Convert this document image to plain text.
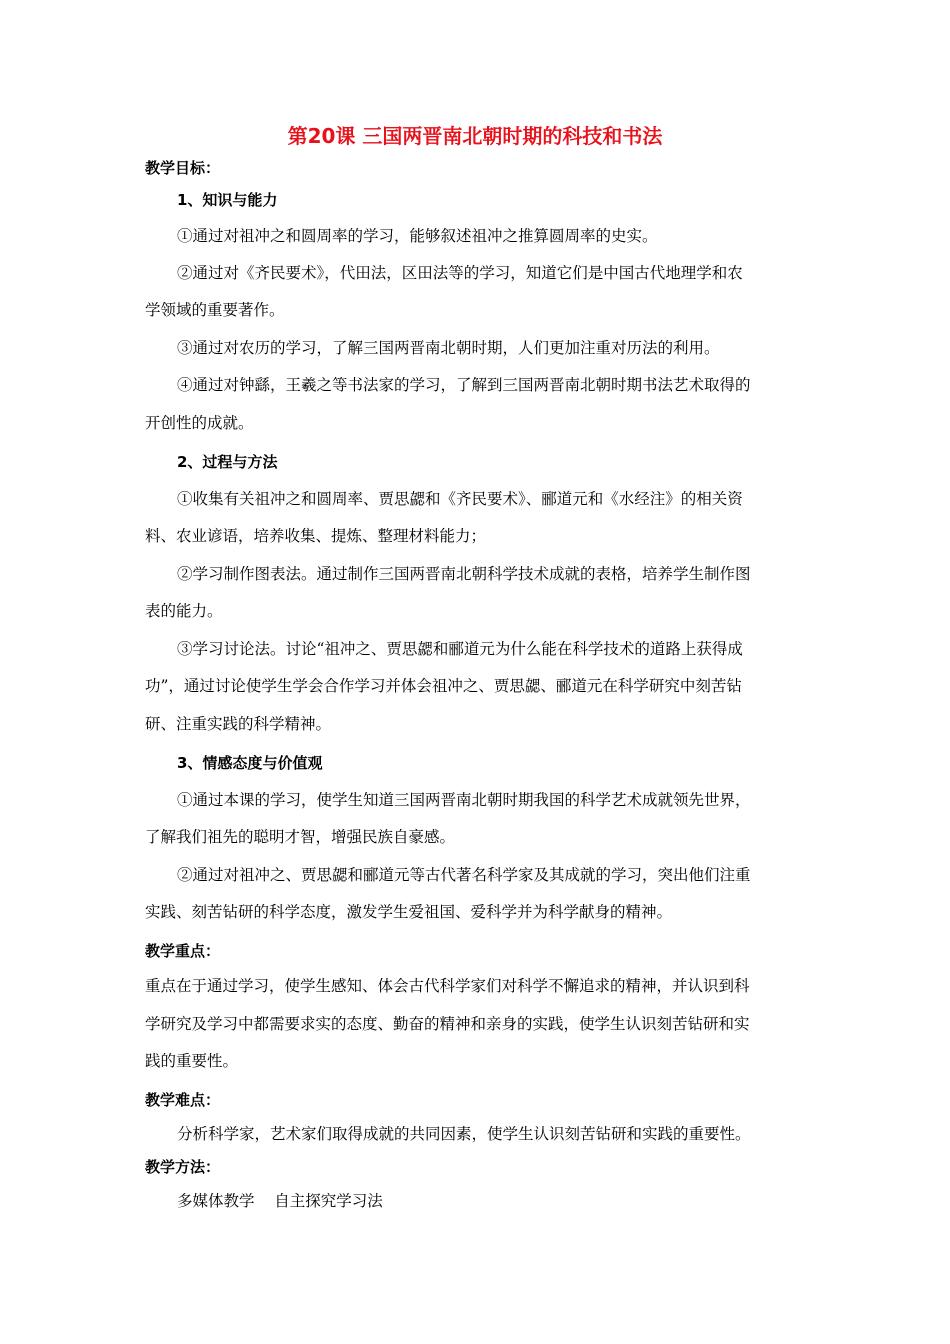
第20课 三国两晋南北朝时期的科技和书法
教学目标：
1、知识与能力
①通过对祖冲之和圆周率的学习，能够叙述祖冲之推算圆周率的史实。
②通过对《齐民要术》，代田法，区田法等的学习，知道它们是中国古代地理学和农
学领域的重要著作。
③通过对农历的学习，了解三国两晋南北朝时期，人们更加注重对历法的利用。
④通过对钟繇，王羲之等书法家的学习，了解到三国两晋南北朝时期书法艺术取得的
开创性的成就。
2、过程与方法
①收集有关祖冲之和圆周率、贾思勰和《齐民要术》、郦道元和《水经注》的相关资
料、农业谚语，培养收集、提炼、整理材料能力；
②学习制作图表法。通过制作三国两晋南北朝科学技术成就的表格，培养学生制作图
表的能力。
③学习讨论法。讨论“祖冲之、贾思勰和郦道元为什么能在科学技术的道路上获得成
功”，通过讨论使学生学会合作学习并体会祖冲之、贾思勰、郦道元在科学研究中刻苦钻
研、注重实践的科学精神。
3、情感态度与价值观
①通过本课的学习，使学生知道三国两晋南北朝时期我国的科学艺术成就领先世界，
了解我们祖先的聪明才智，增强民族自豪感。
②通过对祖冲之、贾思勰和郦道元等古代著名科学家及其成就的学习，突出他们注重
实践、刻苦钻研的科学态度，激发学生爱祖国、爱科学并为科学献身的精神。
教学重点：
重点在于通过学习，使学生感知、体会古代科学家们对科学不懈追求的精神，并认识到科
学研究及学习中都需要求实的态度、勤奋的精神和亲身的实践，使学生认识刻苦钻研和实
践的重要性。
教学难点：
分析科学家，艺术家们取得成就的共同因素，使学生认识刻苦钻研和实践的重要性。
教学方法：
多媒体教学    自主探究学习法
